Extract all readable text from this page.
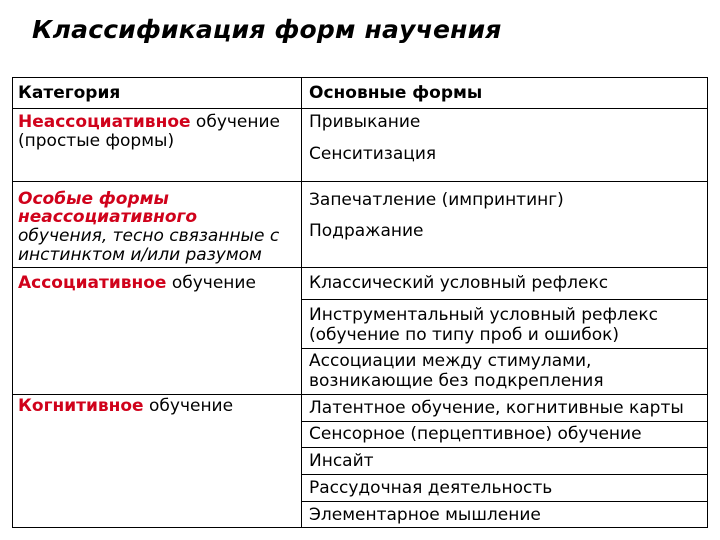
Классификация форм научения
Категория	Основные формы
Неассоциативное обучение
(простые формы)
Особые формы
неассоциативного
обучения, тесно связанные с
инстинктом и/или разумом
Ассоциативное обучение
Когнитивное обучение
Привыкание
Сенситизация
Запечатление (импринтинг)
Подражание
Классический условный рефлекс
Инструментальный условный рефлекс
(обучение по типу проб и ошибок)
Ассоциации между стимулами,
возникающие без подкрепления
Латентное обучение, когнитивные карты
Сенсорное (перцептивное) обучение
Инсайт
Рассудочная деятельность
Элементарное мышление
